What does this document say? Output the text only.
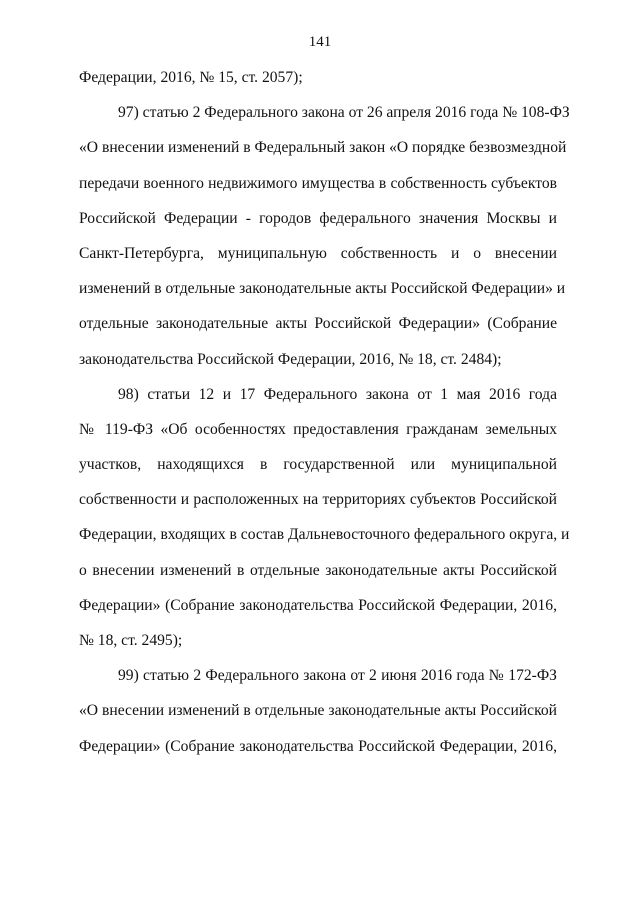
141
Федерации, 2016, № 15, ст. 2057);
97) статью 2 Федерального закона от 26 апреля 2016 года № 108-ФЗ
«О внесении изменений в Федеральный закон «О порядке безвозмездной
передачи военного недвижимого имущества в собственность субъектов
Российской Федерации - городов федерального значения Москвы и
Санкт-Петербурга, муниципальную собственность и о внесении
изменений в отдельные законодательные акты Российской Федерации» и
отдельные законодательные акты Российской Федерации» (Собрание
законодательства Российской Федерации, 2016, № 18, ст. 2484);
98) статьи 12 и 17 Федерального закона от 1 мая 2016 года
№ 119-ФЗ «Об особенностях предоставления гражданам земельных
участков, находящихся в государственной или муниципальной
собственности и расположенных на территориях субъектов Российской
Федерации, входящих в состав Дальневосточного федерального округа, и
о внесении изменений в отдельные законодательные акты Российской
Федерации» (Собрание законодательства Российской Федерации, 2016,
№ 18, ст. 2495);
99) статью 2 Федерального закона от 2 июня 2016 года № 172-ФЗ
«О внесении изменений в отдельные законодательные акты Российской
Федерации» (Собрание законодательства Российской Федерации, 2016,
